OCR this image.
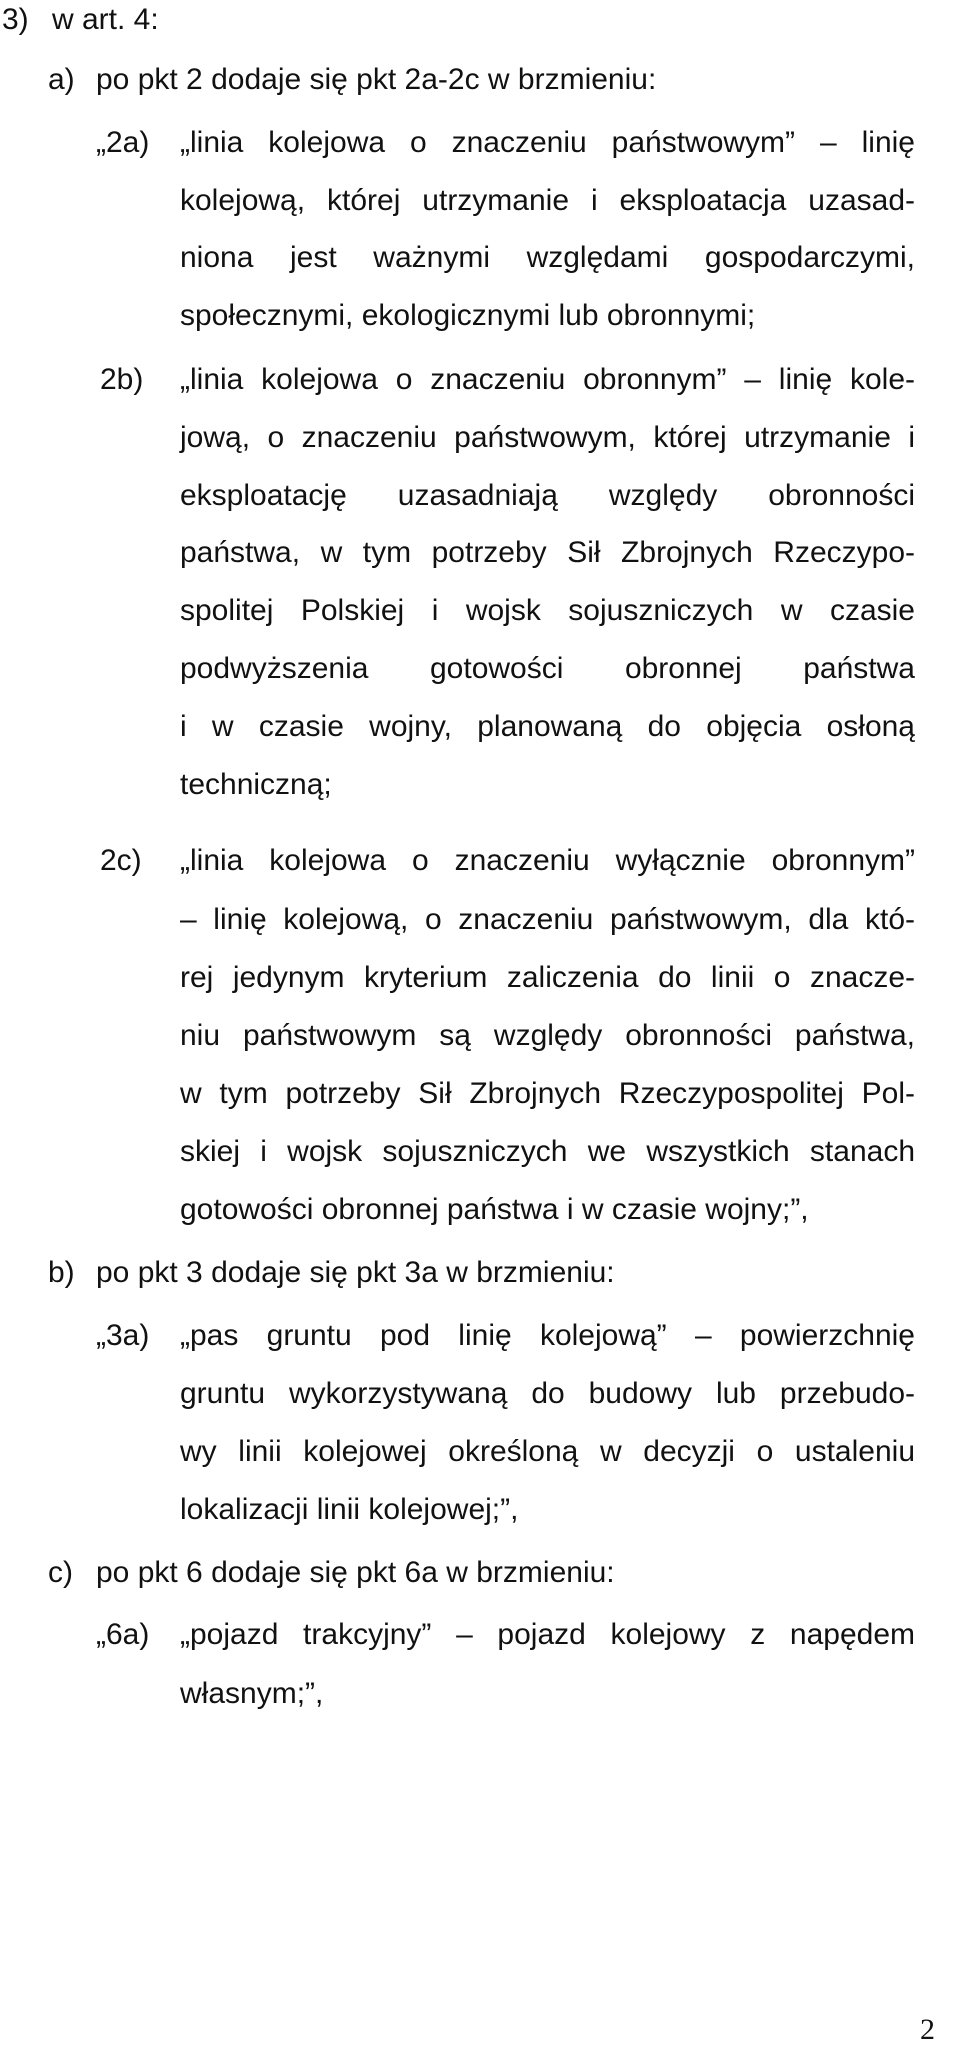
3) w art. 4:
a) po pkt 2 dodaje się pkt 2a-2c w brzmieniu:
„2a) „linia kolejowa o znaczeniu państwowym” – linię
kolejową, której utrzymanie i eksploatacja uzasad-
niona jest ważnymi względami gospodarczymi,
społecznymi, ekologicznymi lub obronnymi;
2b) „linia kolejowa o znaczeniu obronnym” – linię kole-
jową, o znaczeniu państwowym, której utrzymanie i
eksploatację uzasadniają względy obronności
państwa, w tym potrzeby Sił Zbrojnych Rzeczypo-
spolitej Polskiej i wojsk sojuszniczych w czasie
podwyższenia gotowości obronnej państwa
i w czasie wojny, planowaną do objęcia osłoną
techniczną;
2c) „linia kolejowa o znaczeniu wyłącznie obronnym”
– linię kolejową, o znaczeniu państwowym, dla któ-
rej jedynym kryterium zaliczenia do linii o znacze-
niu państwowym są względy obronności państwa,
w tym potrzeby Sił Zbrojnych Rzeczypospolitej Pol-
skiej i wojsk sojuszniczych we wszystkich stanach
gotowości obronnej państwa i w czasie wojny;”,
b) po pkt 3 dodaje się pkt 3a w brzmieniu:
„3a) „pas gruntu pod linię kolejową” – powierzchnię
gruntu wykorzystywaną do budowy lub przebudo-
wy linii kolejowej określoną w decyzji o ustaleniu
lokalizacji linii kolejowej;”,
c) po pkt 6 dodaje się pkt 6a w brzmieniu:
„6a) „pojazd trakcyjny” – pojazd kolejowy z napędem
własnym;”,
2
